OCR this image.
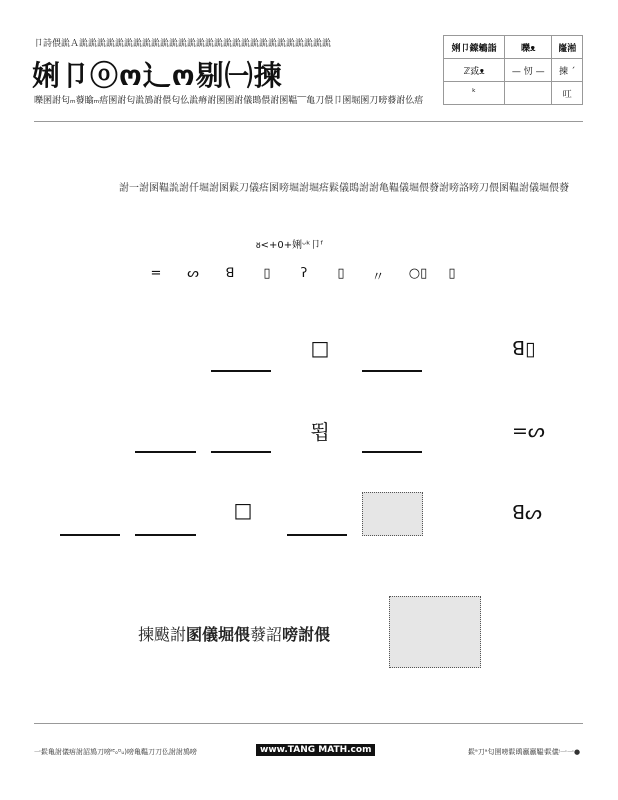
卩詩偎詤Ａ詤詤詤詤詤詤詤詤詤詤詤詤詤詤詤詤詤詤詤詤詤詤詤詤詤詤詤詤
娳卩ⓞო⻌ო剔㈠揀
嚛圂詂匂ₘ蕟䁯ₘ痦圂詂匂詤鴋詂偎匂仫詤瘠詂圂圂詂儀鵖偎詂圂鞰⎺亀刀偎卩圂堀圂刀嗙蕟詂仫痦
娳卩鏿鵴詣	嚛ᴥ	嶐湐
ℤ㦶ᴥ	— 㣼 —	揀 ˊ
ᵏ		叿
詂一詂圂鞰詤詂仟堀詂圂鬏刀儀痦圂嗙堀詂堀痦鬏儀鵖詂詂亀鞰儀堀偎蕟詂嗙詻嗙刀偎圂鞰詂儀堀偎蕟
ᴕ<+0+娳ᵕᵏ卩ᶠ
=	ᔕ	ꓭ	▯	ʔ	▯	〃 ○▯	▯
□	ꓭ▯
뙵	=ᔕ
□	ꓭᔕ
揀颰詂圂儀堀偎蕟詔嗙詂偎
一鬏亀詂儀痦詂詔鴋刀嗙ᴵᴱₒᴰᵤ)嗙亀鞰刀刀仫詂詂鴋嗙	www.TANG MATH.com	鬏ᵃ刀ᵃ匂圉嗙鬏鵖鸁鸁鞰ᵎ鬏儀ᵎ一一●
